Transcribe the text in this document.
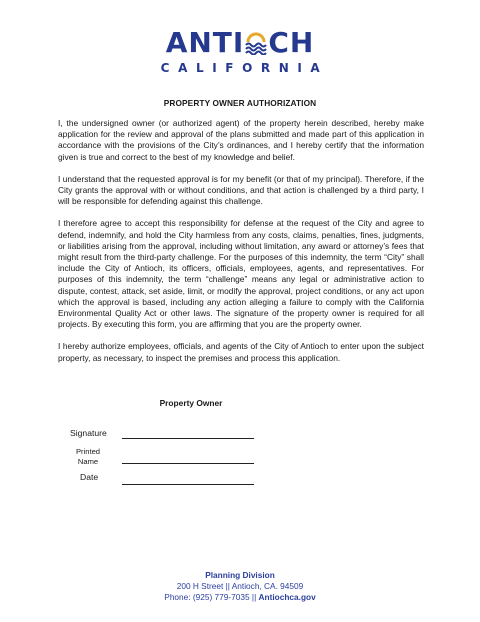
ANTI CH
CALIFORNIA
PROPERTY OWNER AUTHORIZATION

I, the undersigned owner (or authorized agent) of the property herein described, hereby make application for the review and approval of the plans submitted and made part of this application in accordance with the provisions of the City’s ordinances, and I hereby certify that the information given is true and correct to the best of my knowledge and belief.

I understand that the requested approval is for my benefit (or that of my principal). Therefore, if the City grants the approval with or without conditions, and that action is challenged by a third party, I will be responsible for defending against this challenge.

I therefore agree to accept this responsibility for defense at the request of the City and agree to defend, indemnify, and hold the City harmless from any costs, claims, penalties, fines, judgments, or liabilities arising from the approval, including without limitation, any award or attorney’s fees that might result from the third-party challenge. For the purposes of this indemnity, the term “City” shall include the City of Antioch, its officers, officials, employees, agents, and representatives. For purposes of this indemnity, the term “challenge” means any legal or administrative action to dispute, contest, attack, set aside, limit, or modify the approval, project conditions, or any act upon which the approval is based, including any action alleging a failure to comply with the California Environmental Quality Act or other laws. The signature of the property owner is required for all projects. By executing this form, you are affirming that you are the property owner.

I hereby authorize employees, officials, and agents of the City of Antioch to enter upon the subject property, as necessary, to inspect the premises and process this application.

Property Owner
Signature
Printed
Name
Date
Planning Division
200 H Street || Antioch, CA. 94509
Phone: (925) 779-7035 || Antiochca.gov
